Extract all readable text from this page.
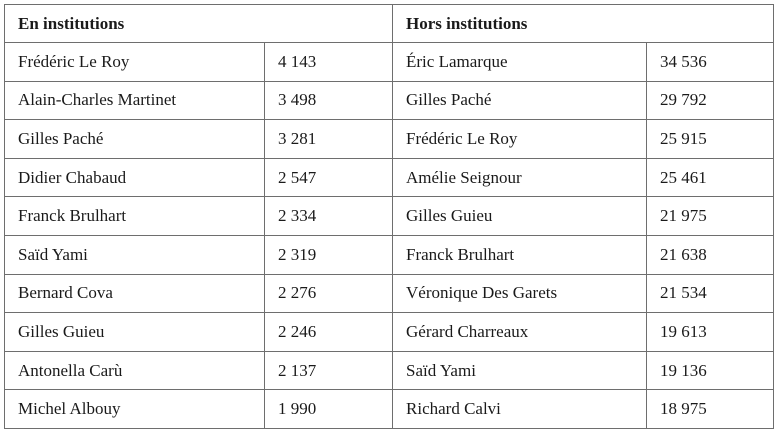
En institutions		Hors institutions	
Frédéric Le Roy	4 143	Éric Lamarque	34 536
Alain-Charles Martinet	3 498	Gilles Paché	29 792
Gilles Paché	3 281	Frédéric Le Roy	25 915
Didier Chabaud	2 547	Amélie Seignour	25 461
Franck Brulhart	2 334	Gilles Guieu	21 975
Saïd Yami	2 319	Franck Brulhart	21 638
Bernard Cova	2 276	Véronique Des Garets	21 534
Gilles Guieu	2 246	Gérard Charreaux	19 613
Antonella Carù	2 137	Saïd Yami	19 136
Michel Albouy	1 990	Richard Calvi	18 975
